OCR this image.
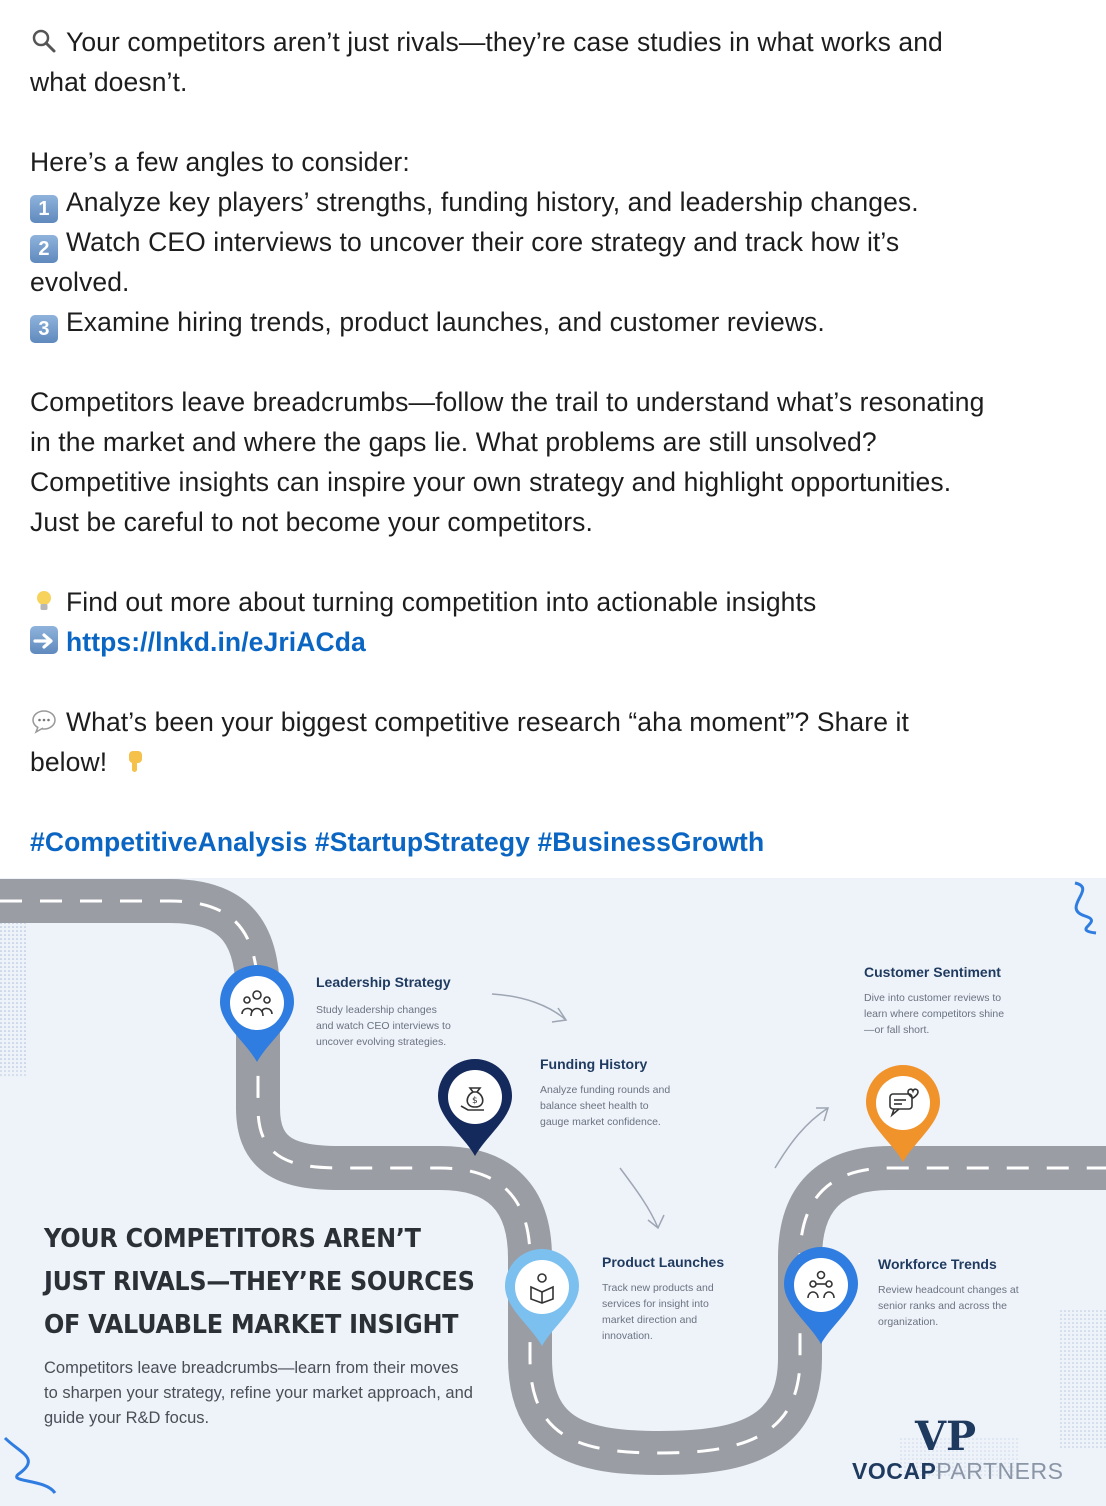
Your competitors aren’t just rivals—they’re case studies in what works and
what doesn’t.
Here’s a few angles to consider:
1 Analyze key players’ strengths, funding history, and leadership changes.
2 Watch CEO interviews to uncover their core strategy and track how it’s
evolved.
3 Examine hiring trends, product launches, and customer reviews.
Competitors leave breadcrumbs—follow the trail to understand what’s resonating
in the market and where the gaps lie. What problems are still unsolved?
Competitive insights can inspire your own strategy and highlight opportunities.
Just be careful to not become your competitors.
Find out more about turning competition into actionable insights
https://lnkd.in/eJriACda
What’s been your biggest competitive research “aha moment”? Share it
below!
#CompetitiveAnalysis #StartupStrategy #BusinessGrowth
VP
$
Leadership Strategy
Study leadership changes and watch CEO interviews to uncover evolving strategies.
Funding History
Analyze funding rounds and balance sheet health to gauge market confidence.
Product Launches
Track new products and services for insight into market direction and innovation.
Workforce Trends
Review headcount changes at senior ranks and across the organization.
Customer Sentiment
Dive into customer reviews to learn where competitors shine—or fall short.
YOUR COMPETITORS AREN’T
JUST RIVALS—THEY’RE SOURCES
OF VALUABLE MARKET INSIGHT
Competitors leave breadcrumbs—learn from their moves to sharpen your strategy, refine your market approach, and guide your R&D focus.
VOCAPPARTNERS
